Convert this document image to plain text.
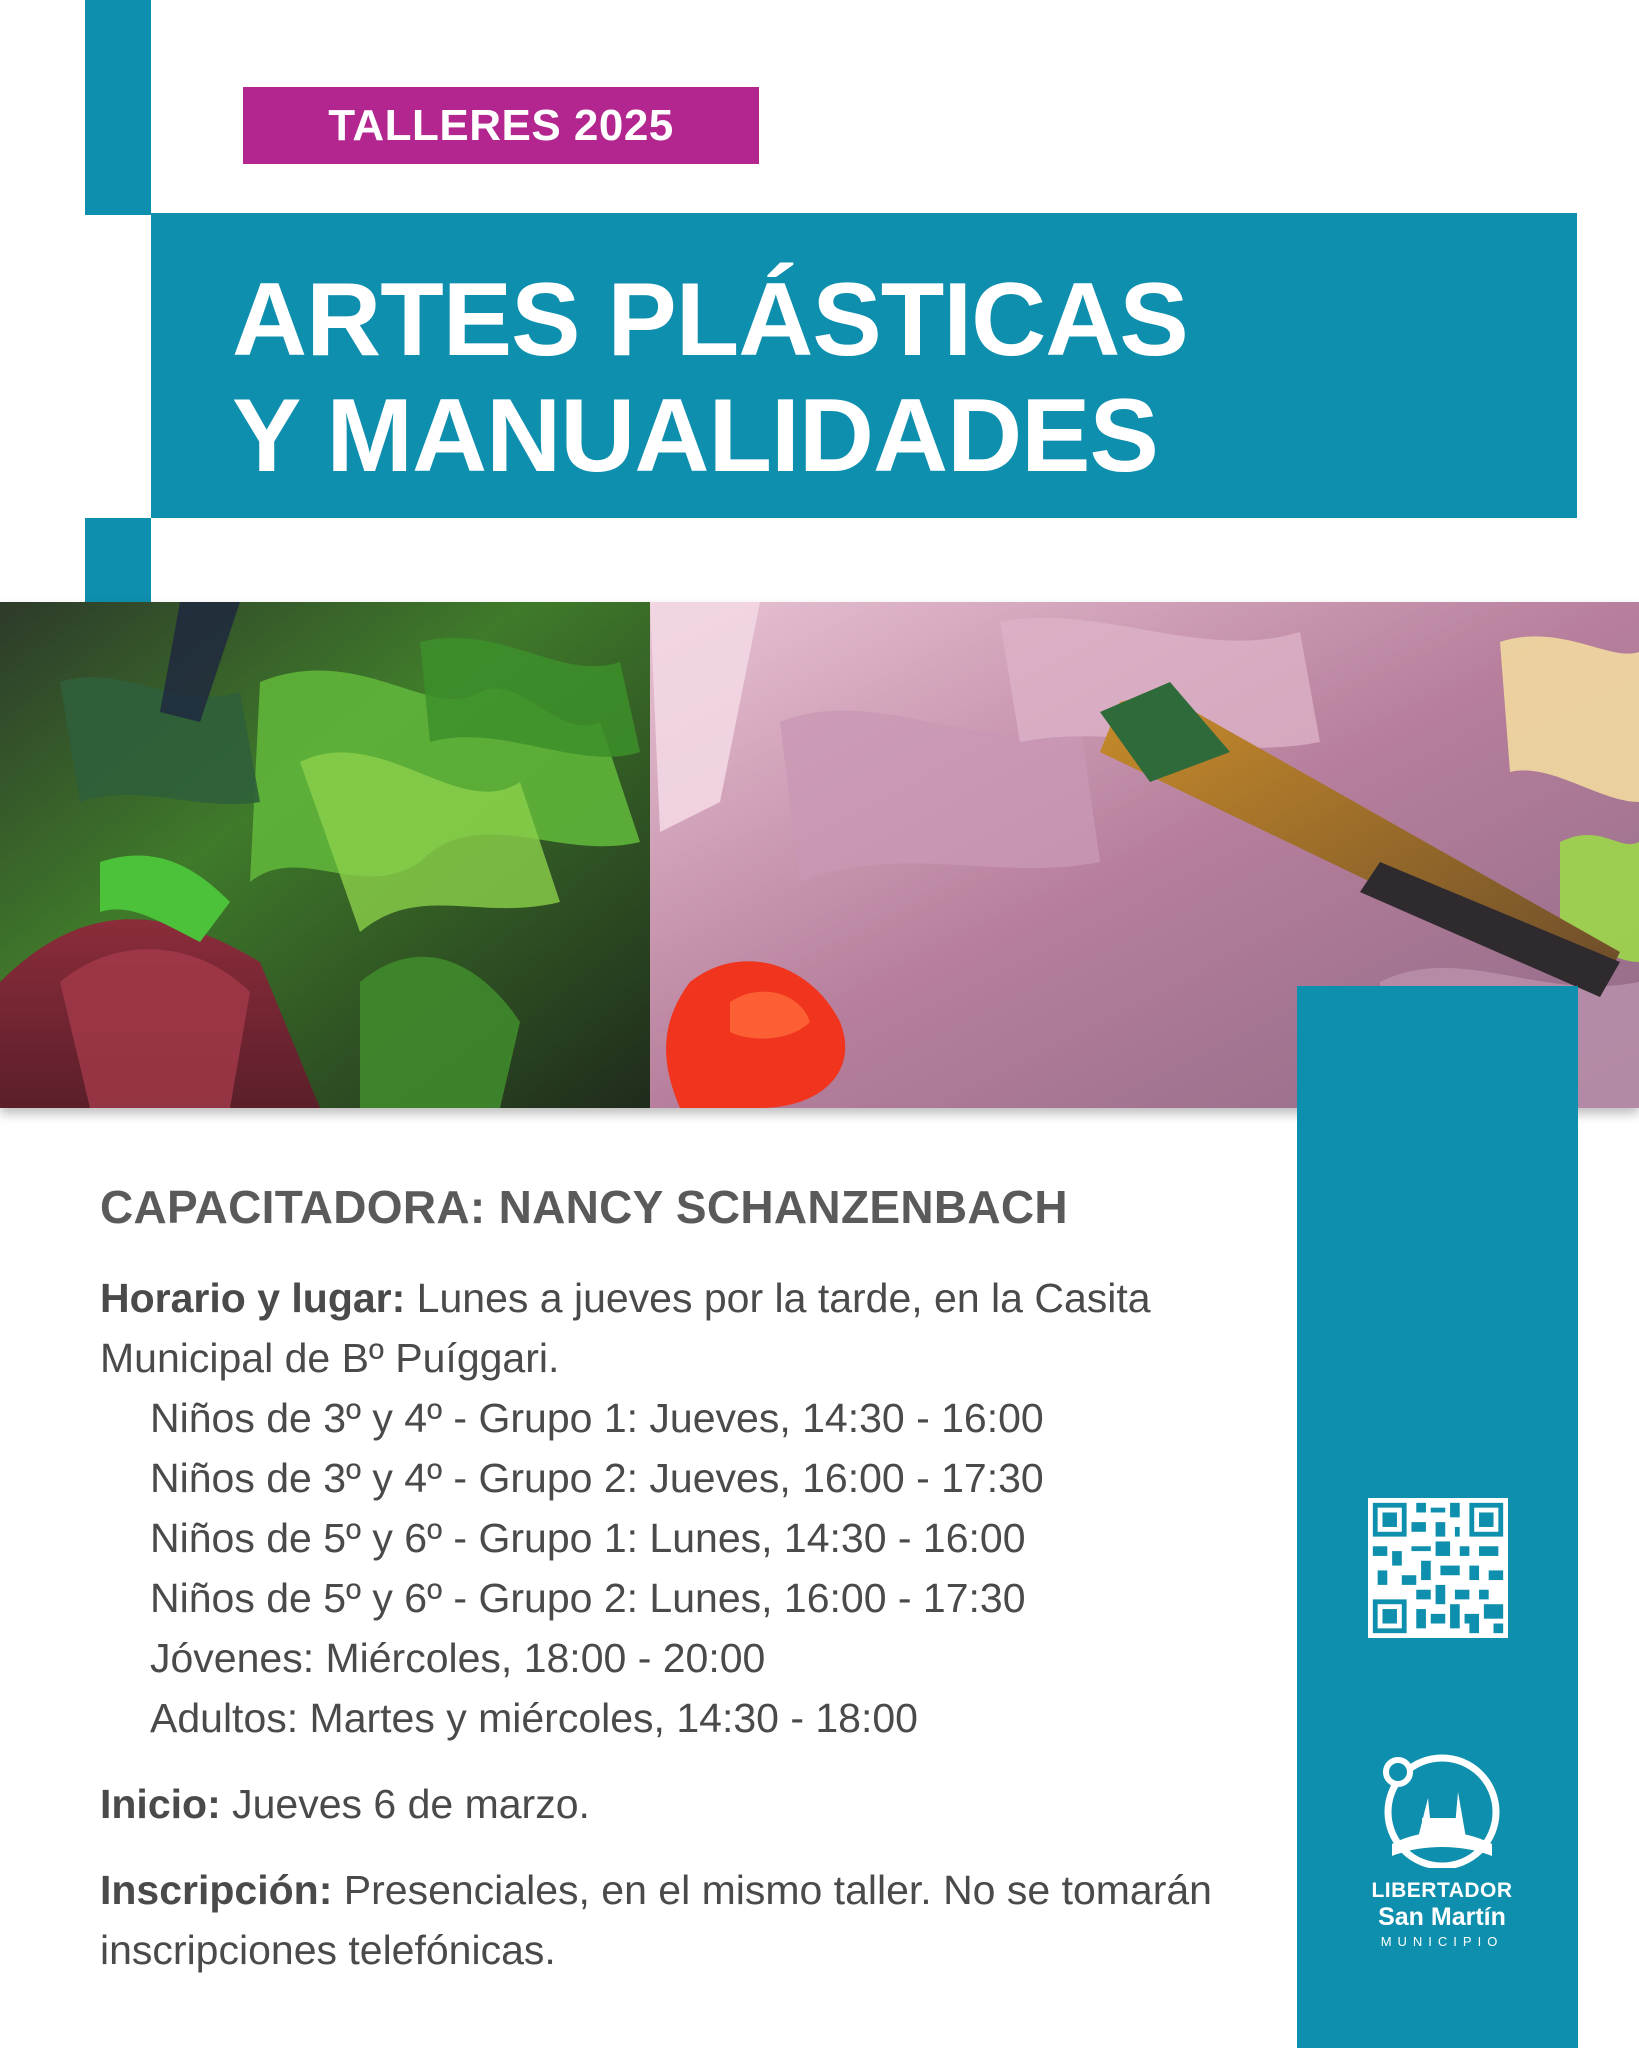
TALLERES 2025
ARTES PLÁSTICAS
Y MANUALIDADES

CAPACITADORA: NANCY SCHANZENBACH

Horario y lugar: Lunes a jueves por la tarde, en la Casita Municipal de Bº Puíggari.

Niños de 3º y 4º - Grupo 1: Jueves, 14:30 - 16:00
Niños de 3º y 4º - Grupo 2: Jueves, 16:00 - 17:30
Niños de 5º y 6º - Grupo 1: Lunes, 14:30 - 16:00
Niños de 5º y 6º - Grupo 2: Lunes, 16:00 - 17:30
Jóvenes: Miércoles, 18:00 - 20:00
Adultos: Martes y miércoles, 14:30 - 18:00

Inicio: Jueves 6 de marzo.

Inscripción: Presenciales, en el mismo taller. No se tomarán inscripciones telefónicas.

LIBERTADOR
San Martín
MUNICIPIO
